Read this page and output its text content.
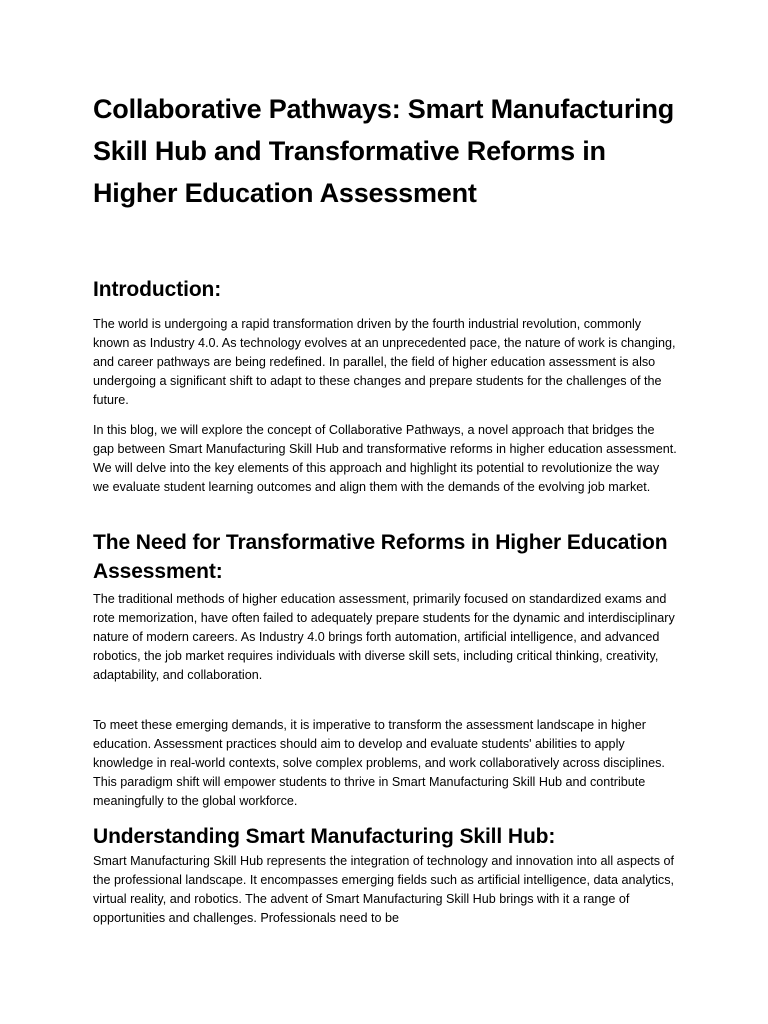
Collaborative Pathways: Smart Manufacturing Skill Hub and Transformative Reforms in Higher Education Assessment
Introduction:

The world is undergoing a rapid transformation driven by the fourth industrial revolution, commonly known as Industry 4.0. As technology evolves at an unprecedented pace, the nature of work is changing, and career pathways are being redefined. In parallel, the field of higher education assessment is also undergoing a significant shift to adapt to these changes and prepare students for the challenges of the future.

In this blog, we will explore the concept of Collaborative Pathways, a novel approach that bridges the gap between Smart Manufacturing Skill Hub and transformative reforms in higher education assessment. We will delve into the key elements of this approach and highlight its potential to revolutionize the way we evaluate student learning outcomes and align them with the demands of the evolving job market.

The Need for Transformative Reforms in Higher Education Assessment:

The traditional methods of higher education assessment, primarily focused on standardized exams and rote memorization, have often failed to adequately prepare students for the dynamic and interdisciplinary nature of modern careers. As Industry 4.0 brings forth automation, artificial intelligence, and advanced robotics, the job market requires individuals with diverse skill sets, including critical thinking, creativity, adaptability, and collaboration.

To meet these emerging demands, it is imperative to transform the assessment landscape in higher education. Assessment practices should aim to develop and evaluate students' abilities to apply knowledge in real-world contexts, solve complex problems, and work collaboratively across disciplines. This paradigm shift will empower students to thrive in Smart Manufacturing Skill Hub and contribute meaningfully to the global workforce.

Understanding Smart Manufacturing Skill Hub:

Smart Manufacturing Skill Hub represents the integration of technology and innovation into all aspects of the professional landscape. It encompasses emerging fields such as artificial intelligence, data analytics, virtual reality, and robotics. The advent of Smart Manufacturing Skill Hub brings with it a range of opportunities and challenges. Professionals need to be
